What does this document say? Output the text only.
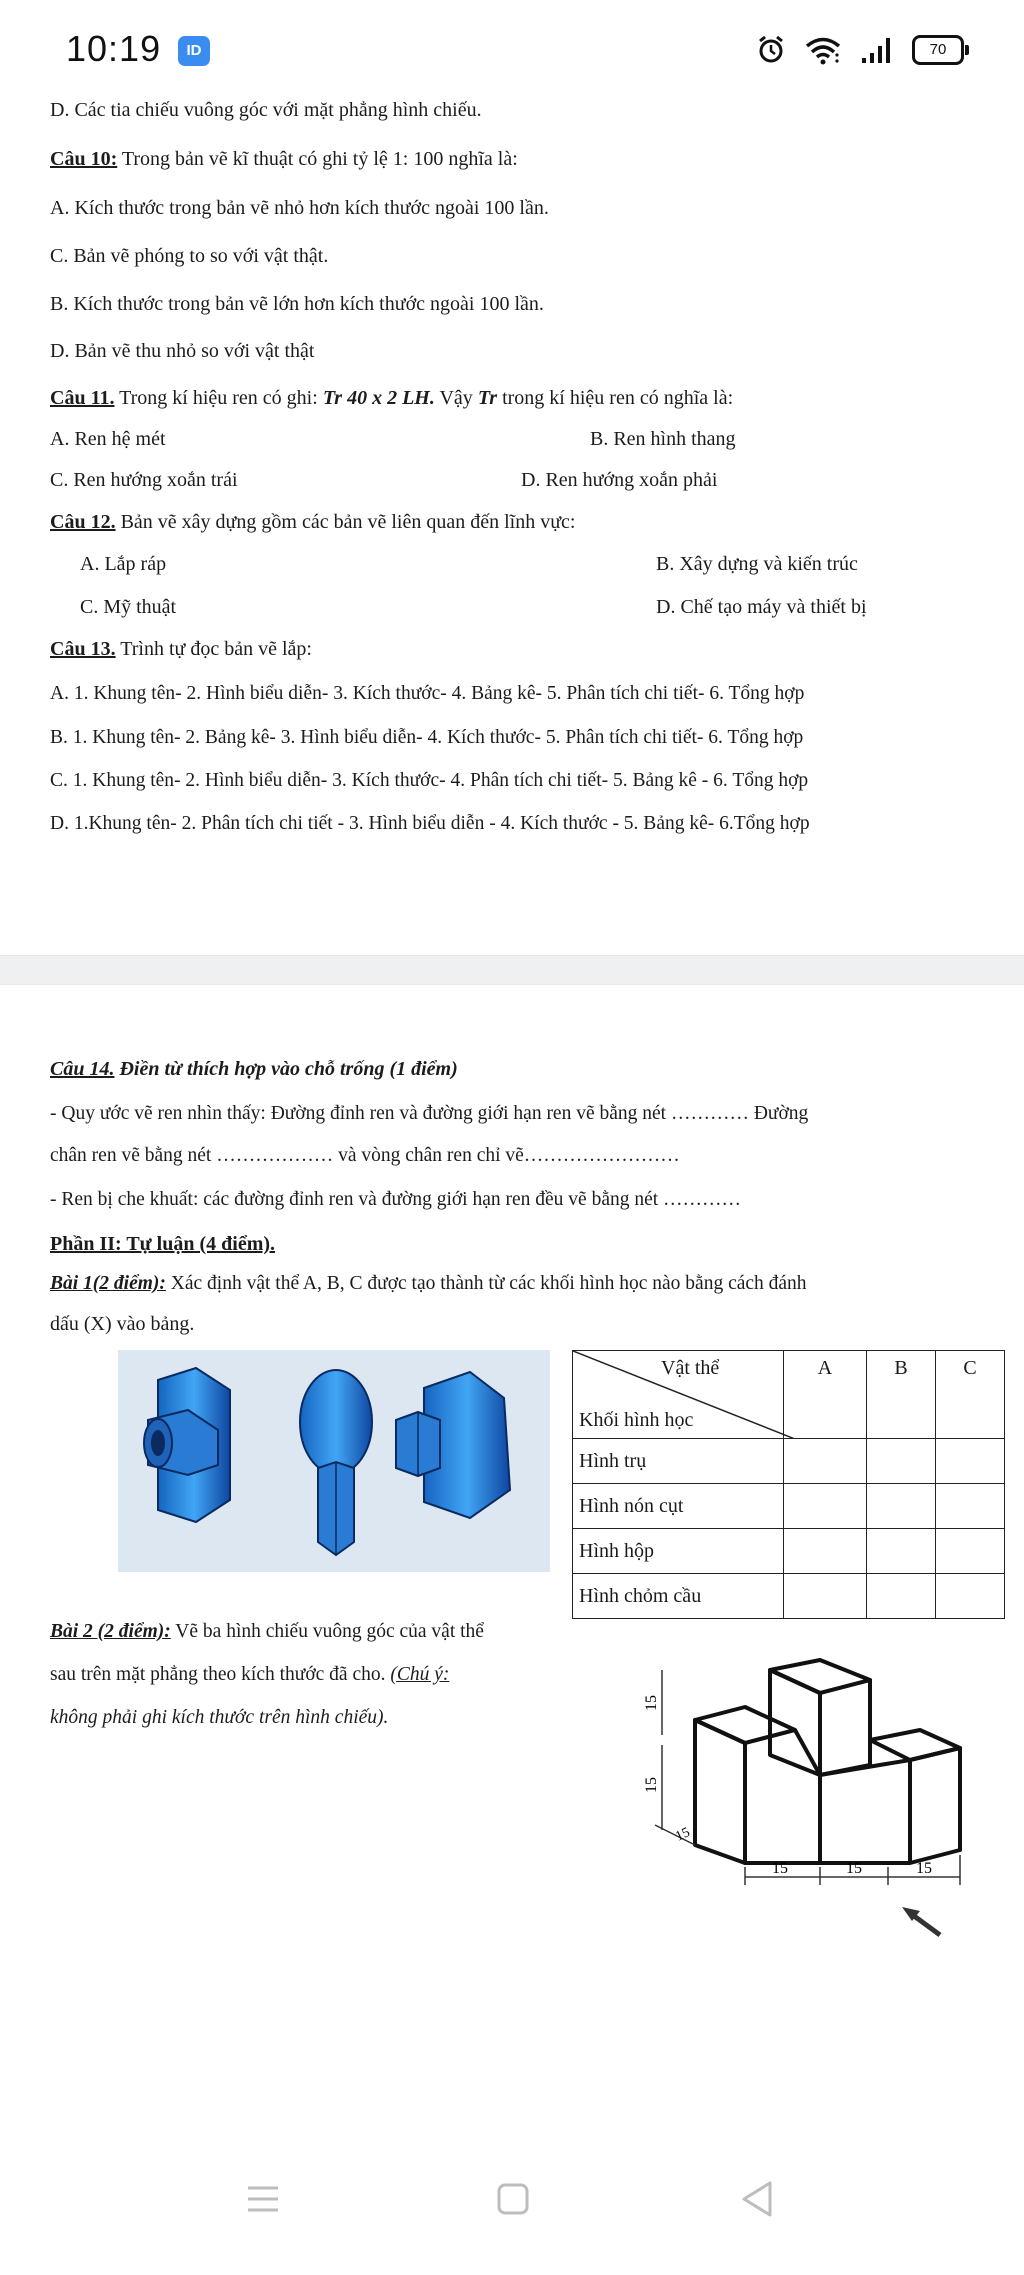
10:19	ID	70
D. Các tia chiếu vuông góc với mặt phẳng hình chiếu.
Câu 10: Trong bản vẽ kĩ thuật có ghi tỷ lệ 1: 100 nghĩa là:
A. Kích thước trong bản vẽ nhỏ hơn kích thước ngoài 100 lần.
C. Bản vẽ phóng to so với vật thật.
B. Kích thước trong bản vẽ lớn hơn kích thước ngoài 100 lần.
D. Bản vẽ thu nhỏ so với vật thật
Câu 11. Trong kí hiệu ren có ghi: Tr 40 x 2 LH. Vậy Tr trong kí hiệu ren có nghĩa là:
A. Ren hệ mét	B. Ren hình thang
C. Ren hướng xoắn trái	D. Ren hướng xoắn phải
Câu 12. Bản vẽ xây dựng gồm các bản vẽ liên quan đến lĩnh vực:
A. Lắp ráp	B. Xây dựng và kiến trúc
C. Mỹ thuật	D. Chế tạo máy và thiết bị
Câu 13. Trình tự đọc bản vẽ lắp:
A. 1. Khung tên- 2. Hình biểu diễn- 3. Kích thước- 4. Bảng kê- 5. Phân tích chi tiết- 6. Tổng hợp
B. 1. Khung tên- 2. Bảng kê- 3. Hình biểu diễn- 4. Kích thước- 5. Phân tích chi tiết- 6. Tổng hợp
C. 1. Khung tên- 2. Hình biểu diễn- 3. Kích thước- 4. Phân tích chi tiết- 5. Bảng kê - 6. Tổng hợp
D. 1.Khung tên- 2. Phân tích chi tiết - 3. Hình biểu diễn - 4. Kích thước - 5. Bảng kê- 6.Tổng hợp
Câu 14. Điền từ thích hợp vào chỗ trống (1 điểm)
- Quy ước vẽ ren nhìn thấy: Đường đỉnh ren và đường giới hạn ren vẽ bằng nét ………… Đường
chân ren vẽ bằng nét ……………… và vòng chân ren chỉ vẽ……………………
- Ren bị che khuất: các đường đỉnh ren và đường giới hạn ren đều vẽ bằng nét …………
Phần II: Tự luận (4 điểm).
Bài 1(2 điểm): Xác định vật thể A, B, C được tạo thành từ các khối hình học nào bằng cách đánh
dấu (X) vào bảng.
Vật thể
Khối hình học	A	B	C
Hình trụ			
Hình nón cụt			
Hình hộp			
Hình chỏm cầu			
Bài 2 (2 điểm): Vẽ ba hình chiếu vuông góc của vật thể
sau trên mặt phẳng theo kích thước đã cho. (Chú ý:
không phải ghi kích thước trên hình chiếu).
15
15
15
15	15	15
